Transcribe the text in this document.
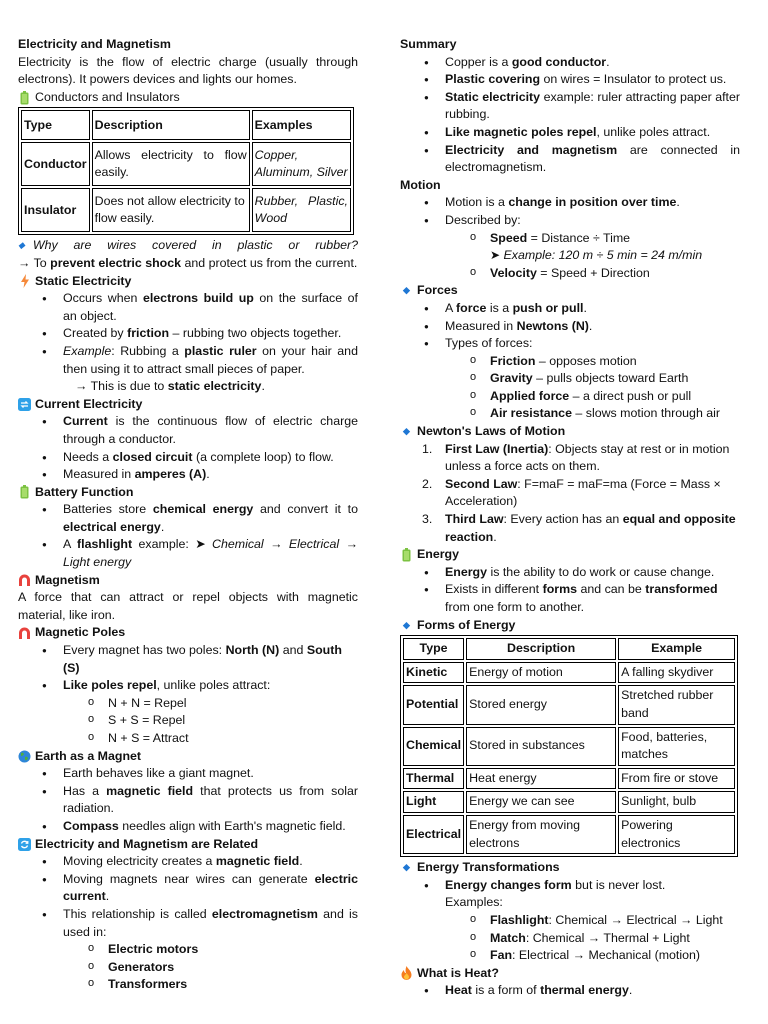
Electricity and Magnetism

Electricity is the flow of electric charge (usually through electrons). It powers devices and lights our homes.

Conductors and Insulators

Type	Description	Examples
Conductor	Allows electricity to flow easily.	Copper, Aluminum, Silver
Insulator	Does not allow electricity to flow easily.	Rubber, Plastic, Wood

◆ Why are wires covered in plastic or rubber?

→ To prevent electric shock and protect us from the current.

Static Electricity

● Occurs when electrons build up on the surface of an object.
● Created by friction – rubbing two objects together.
● Example: Rubbing a plastic ruler on your hair and then using it to attract small pieces of paper.
→ This is due to static electricity.

Current Electricity

● Current is the continuous flow of electric charge through a conductor.
● Needs a closed circuit (a complete loop) to flow.
● Measured in amperes (A).

Battery Function

● Batteries store chemical energy and convert it to electrical energy.
● A flashlight example: ➤ Chemical → Electrical → Light energy

Magnetism

A force that can attract or repel objects with magnetic material, like iron.

Magnetic Poles

● Every magnet has two poles: North (N) and South (S)
● Like poles repel, unlike poles attract:
o N + N = Repel
o S + S = Repel
o N + S = Attract

Earth as a Magnet

● Earth behaves like a giant magnet.
● Has a magnetic field that protects us from solar radiation.
● Compass needles align with Earth's magnetic field.

Electricity and Magnetism are Related

● Moving electricity creates a magnetic field.
● Moving magnets near wires can generate electric current.
● This relationship is called electromagnetism and is used in:
o Electric motors
o Generators
o Transformers

Summary

● Copper is a good conductor.
● Plastic covering on wires = Insulator to protect us.
● Static electricity example: ruler attracting paper after rubbing.
● Like magnetic poles repel, unlike poles attract.
● Electricity and magnetism are connected in electromagnetism.

Motion

● Motion is a change in position over time.
● Described by:
o Speed = Distance ÷ Time
➤ Example: 120 m ÷ 5 min = 24 m/min
o Velocity = Speed + Direction

◆ Forces

● A force is a push or pull.
● Measured in Newtons (N).
● Types of forces:
o Friction – opposes motion
o Gravity – pulls objects toward Earth
o Applied force – a direct push or pull
o Air resistance – slows motion through air

◆ Newton's Laws of Motion

1. First Law (Inertia): Objects stay at rest or in motion unless a force acts on them.
2. Second Law: F=maF = maF=ma (Force = Mass × Acceleration)
3. Third Law: Every action has an equal and opposite reaction.

Energy

● Energy is the ability to do work or cause change.
● Exists in different forms and can be transformed from one form to another.

◆ Forms of Energy

Type	Description	Example
Kinetic	Energy of motion	A falling skydiver
Potential	Stored energy	Stretched rubber band
Chemical	Stored in substances	Food, batteries, matches
Thermal	Heat energy	From fire or stove
Light	Energy we can see	Sunlight, bulb
Electrical	Energy from moving electrons	Powering electronics

◆ Energy Transformations

● Energy changes form but is never lost.
Examples:
o Flashlight: Chemical → Electrical → Light
o Match: Chemical → Thermal + Light
o Fan: Electrical → Mechanical (motion)

What is Heat?

● Heat is a form of thermal energy.
